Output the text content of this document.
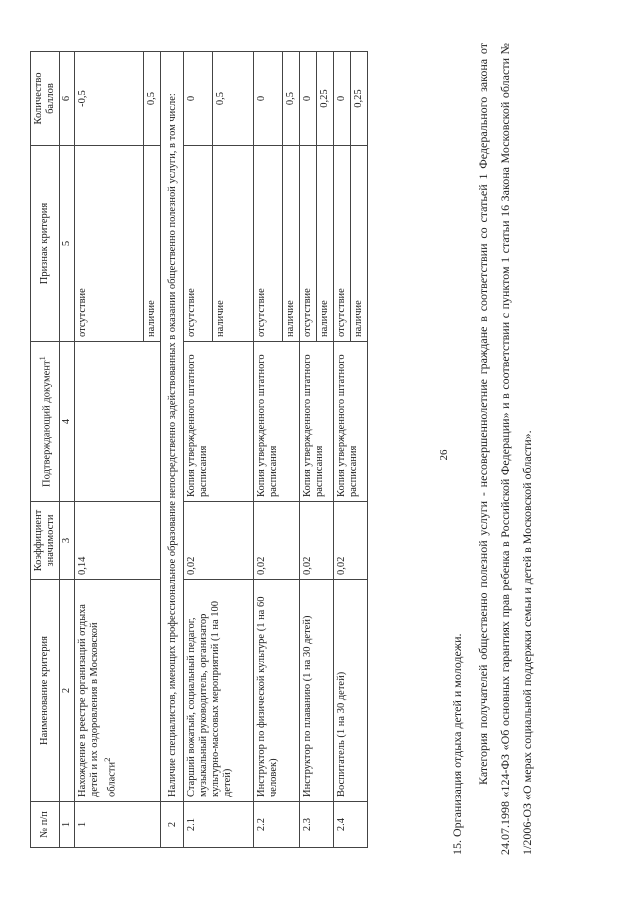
26
15. Организация отдыха детей и молодежи.	Категория получателей общественно полезной услуги - несовершеннолетние граждане в соответствии со статьей 1 Федерального закона от 24.07.1998 «124-ФЗ «Об основных гарантиях прав ребенка в Российской Федерации» и в соответствии с пунктом 1 статьи 16 Закона Московской области № 1/2006-ОЗ «О мерах социальной поддержки семьи и детей в Московской области».

№ п/п	Наименование критерия	Коэффициент значимости	Подтверждающий документ$^1$	Признак критерия	Количество баллов
1	2	3	4	5	6
1	Нахождение в реестре организаций отдыха детей и их оздоровления в Московской области$^2$	0,14		отсутствие	-0,5
				наличие	0,5
2	Наличие специалистов, имеющих профессиональное образование непосредственно задействованных в оказании общественно полезной услуги, в том числе:				
2.1	Старший вожатый, социальный педагог, музыкальный руководитель, организатор культурно-массовых мероприятий (1 на 100 детей)	0,02	Копия утвержденного штатного расписания	отсутствие	0
				наличие	0,5
2.2	Инструктор по физической культуре (1 на 60 человек)	0,02	Копия утвержденного штатного расписания	отсутствие	0
				наличие	0,5
2.3	Инструктор по плаванию (1 на 30 детей)	0,02	Копия утвержденного штатного расписания	отсутствие	0
				наличие	0,25
2.4	Воспитатель (1 на 30 детей)	0,02	Копия утвержденного штатного расписания	отсутствие	0
				наличие	0,25
